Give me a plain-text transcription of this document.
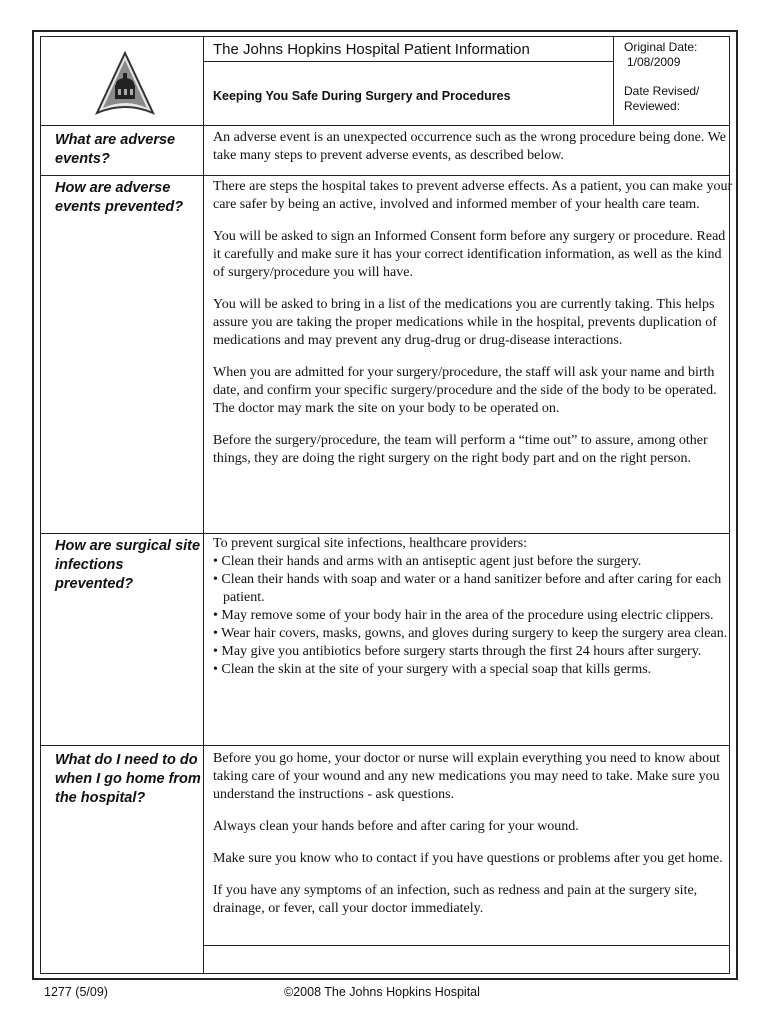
The Johns Hopkins Hospital Patient Information
Keeping You Safe During Surgery and Procedures
Original Date:
1/08/2009
Date Revised/
Reviewed:
What are adverse events?

An adverse event is an unexpected occurrence such as the wrong procedure being done. We take many steps to prevent adverse events, as described below.

How are adverse events prevented?

There are steps the hospital takes to prevent adverse effects. As a patient, you can make your care safer by being an active, involved and informed member of your health care team.

You will be asked to sign an Informed Consent form before any surgery or procedure. Read it carefully and make sure it has your correct identification information, as well as the kind of surgery/procedure you will have.

You will be asked to bring in a list of the medications you are currently taking. This helps assure you are taking the proper medications while in the hospital, prevents duplication of medications and may prevent any drug-drug or drug-disease interactions.

When you are admitted for your surgery/procedure, the staff will ask your name and birth date, and confirm your specific surgery/procedure and the side of the body to be operated. The doctor may mark the site on your body to be operated on.

Before the surgery/procedure, the team will perform a “time out” to assure, among other things, they are doing the right surgery on the right body part and on the right person.

How are surgical site infections prevented?
To prevent surgical site infections, healthcare providers:
• Clean their hands and arms with an antiseptic agent just before the surgery.
• Clean their hands with soap and water or a hand sanitizer before and after caring for each patient.
• May remove some of your body hair in the area of the procedure using electric clippers.
• Wear hair covers, masks, gowns, and gloves during surgery to keep the surgery area clean.
• May give you antibiotics before surgery starts through the first 24 hours after surgery.
• Clean the skin at the site of your surgery with a special soap that kills germs.
What do I need to do when I go home from the hospital?

Before you go home, your doctor or nurse will explain everything you need to know about taking care of your wound and any new medications you may need to take. Make sure you understand the instructions - ask questions.

Always clean your hands before and after caring for your wound.

Make sure you know who to contact if you have questions or problems after you get home.

If you have any symptoms of an infection, such as redness and pain at the surgery site, drainage, or fever, call your doctor immediately.

1277 (5/09)	©2008 The Johns Hopkins Hospital
